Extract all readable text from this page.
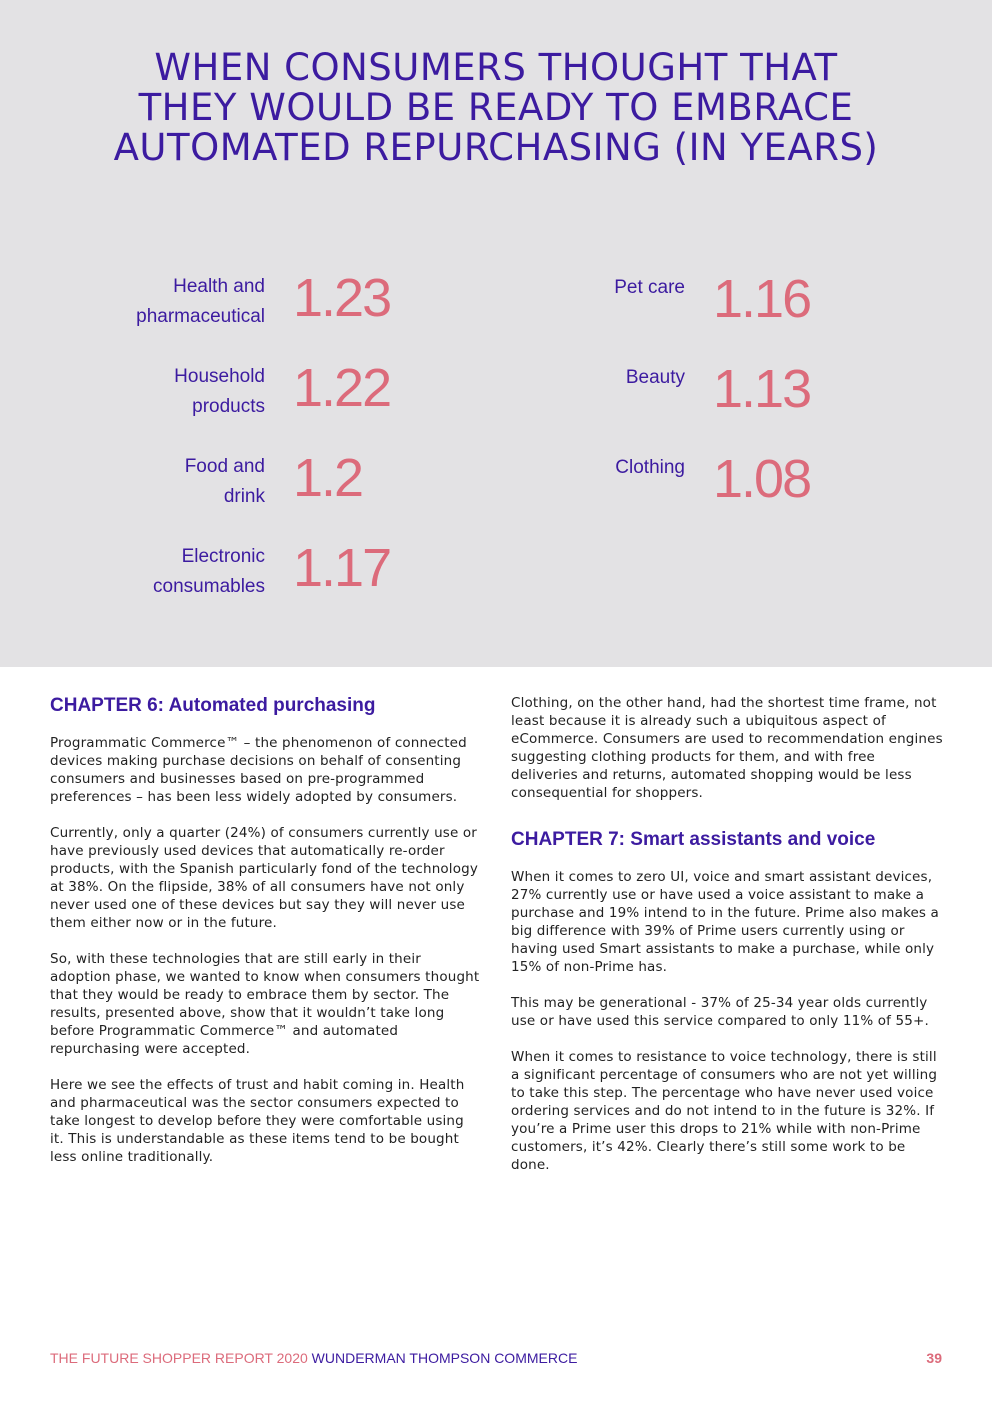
WHEN CONSUMERS THOUGHT THAT
THEY WOULD BE READY TO EMBRACE
AUTOMATED REPURCHASING (IN YEARS)
Health and
pharmaceutical 1.23
Household
products 1.22
Food and
drink 1.2
Electronic
consumables 1.17
Pet care 1.16
Beauty 1.13
Clothing 1.08
CHAPTER 6: Automated purchasing

Programmatic Commerce™ – the phenomenon of connected devices making purchase decisions on behalf of consenting consumers and businesses based on pre-programmed preferences – has been less widely adopted by consumers.

Currently, only a quarter (24%) of consumers currently use or have previously used devices that automatically re-order products, with the Spanish particularly fond of the technology at 38%. On the flipside, 38% of all consumers have not only never used one of these devices but say they will never use them either now or in the future.

So, with these technologies that are still early in their adoption phase, we wanted to know when consumers thought that they would be ready to embrace them by sector. The results, presented above, show that it wouldn’t take long before Programmatic Commerce™ and automated repurchasing were accepted.

Here we see the effects of trust and habit coming in. Health and pharmaceutical was the sector consumers expected to take longest to develop before they were comfortable using it. This is understandable as these items tend to be bought less online traditionally.

Clothing, on the other hand, had the shortest time frame, not least because it is already such a ubiquitous aspect of eCommerce. Consumers are used to recommendation engines suggesting clothing products for them, and with free deliveries and returns, automated shopping would be less consequential for shoppers.

CHAPTER 7: Smart assistants and voice

When it comes to zero UI, voice and smart assistant devices, 27% currently use or have used a voice assistant to make a purchase and 19% intend to in the future. Prime also makes a big difference with 39% of Prime users currently using or having used Smart assistants to make a purchase, while only 15% of non-Prime has.

This may be generational - 37% of 25-34 year olds currently use or have used this service compared to only 11% of 55+.

When it comes to resistance to voice technology, there is still a significant percentage of consumers who are not yet willing to take this step. The percentage who have never used voice ordering services and do not intend to in the future is 32%. If you’re a Prime user this drops to 21% while with non-Prime customers, it’s 42%. Clearly there’s still some work to be done.

THE FUTURE SHOPPER REPORT 2020 WUNDERMAN THOMPSON COMMERCE	39
